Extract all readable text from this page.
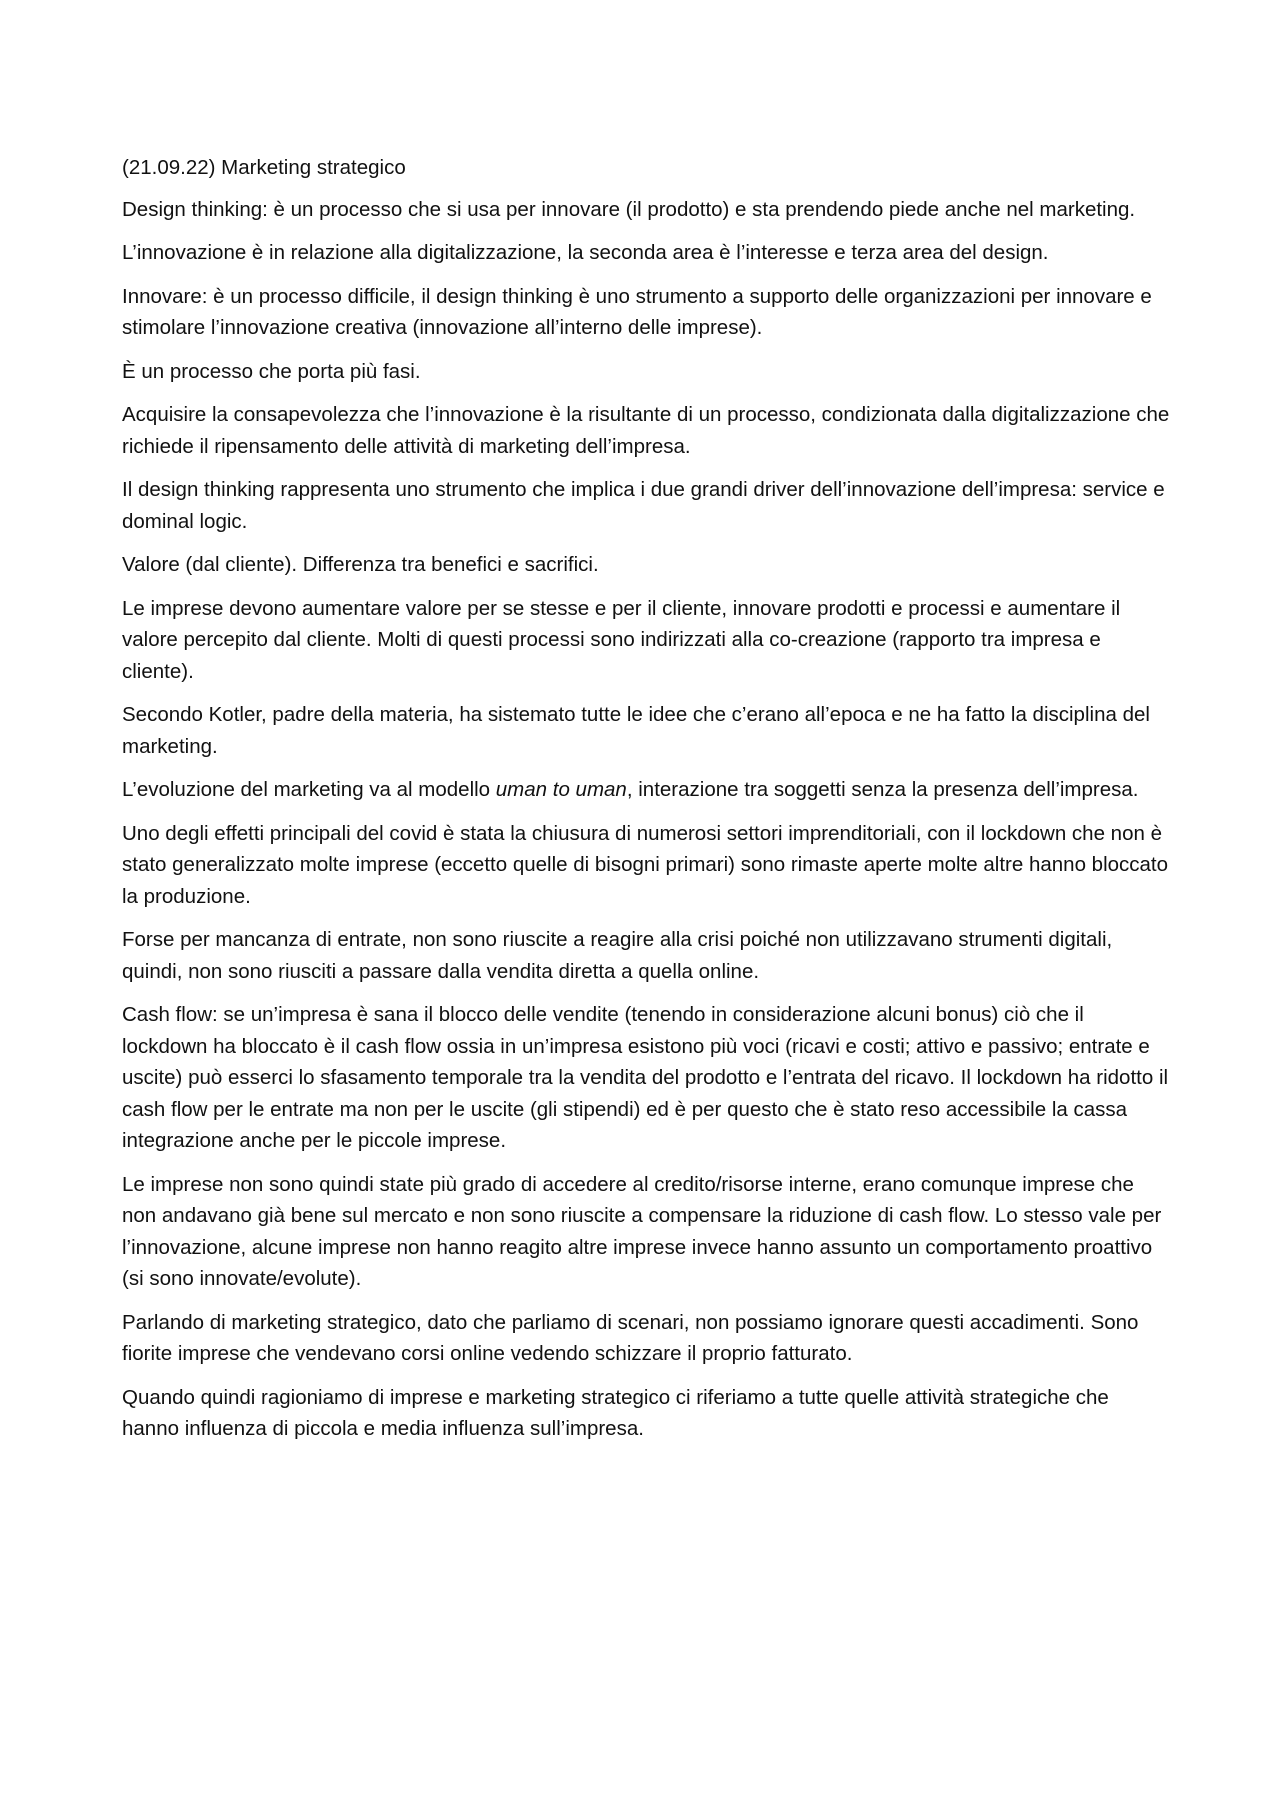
(21.09.22) Marketing strategico

Design thinking: è un processo che si usa per innovare (il prodotto) e sta prendendo piede anche nel marketing.

L’innovazione è in relazione alla digitalizzazione, la seconda area è l’interesse e terza area del design.

Innovare: è un processo difficile, il design thinking è uno strumento a supporto delle organizzazioni per innovare e stimolare l’innovazione creativa (innovazione all’interno delle imprese).

È un processo che porta più fasi.

Acquisire la consapevolezza che l’innovazione è la risultante di un processo, condizionata dalla digitalizzazione che richiede il ripensamento delle attività di marketing dell’impresa.

Il design thinking rappresenta uno strumento che implica i due grandi driver dell’innovazione dell’impresa: service e dominal logic.

Valore (dal cliente). Differenza tra benefici e sacrifici.

Le imprese devono aumentare valore per se stesse e per il cliente, innovare prodotti e processi e aumentare il valore percepito dal cliente. Molti di questi processi sono indirizzati alla co-creazione (rapporto tra impresa e cliente).

Secondo Kotler, padre della materia, ha sistemato tutte le idee che c’erano all’epoca e ne ha fatto la disciplina del marketing.

L’evoluzione del marketing va al modello uman to uman, interazione tra soggetti senza la presenza dell’impresa.

Uno degli effetti principali del covid è stata la chiusura di numerosi settori imprenditoriali, con il lockdown che non è stato generalizzato molte imprese (eccetto quelle di bisogni primari) sono rimaste aperte molte altre hanno bloccato la produzione.

Forse per mancanza di entrate, non sono riuscite a reagire alla crisi poiché non utilizzavano strumenti digitali, quindi, non sono riusciti a passare dalla vendita diretta a quella online.

Cash flow: se un’impresa è sana il blocco delle vendite (tenendo in considerazione alcuni bonus) ciò che il lockdown ha bloccato è il cash flow ossia in un’impresa esistono più voci (ricavi e costi; attivo e passivo; entrate e uscite) può esserci lo sfasamento temporale tra la vendita del prodotto e l’entrata del ricavo. Il lockdown ha ridotto il cash flow per le entrate ma non per le uscite (gli stipendi) ed è per questo che è stato reso accessibile la cassa integrazione anche per le piccole imprese.

Le imprese non sono quindi state più grado di accedere al credito/risorse interne, erano comunque imprese che non andavano già bene sul mercato e non sono riuscite a compensare la riduzione di cash flow. Lo stesso vale per l’innovazione, alcune imprese non hanno reagito altre imprese invece hanno assunto un comportamento proattivo (si sono innovate/evolute).

Parlando di marketing strategico, dato che parliamo di scenari, non possiamo ignorare questi accadimenti. Sono fiorite imprese che vendevano corsi online vedendo schizzare il proprio fatturato.

Quando quindi ragioniamo di imprese e marketing strategico ci riferiamo a tutte quelle attività strategiche che hanno influenza di piccola e media influenza sull’impresa.
